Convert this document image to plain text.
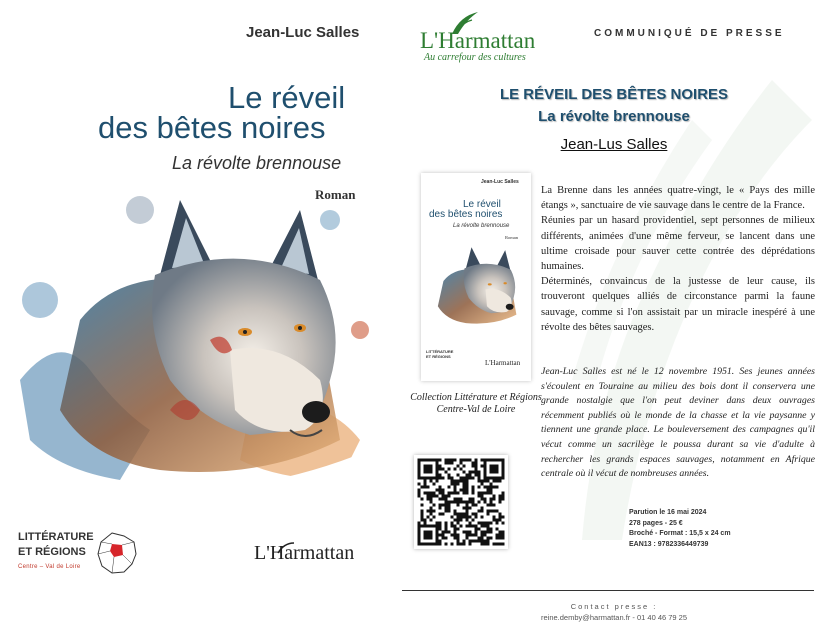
Jean-Luc Salles
Le réveil
des bêtes noires
La révolte brennouse
Roman
LITTÉRATURE
ET RÉGIONS
Centre – Val de Loire
L'Harmattan
L'Harmattan
Au carrefour des cultures
COMMUNIQUÉ DE PRESSE
LE RÉVEIL DES BÊTES NOIRES
La révolte brennouse
Jean-Lus Salles
Jean-Luc Salles
Le réveil
des bêtes noires
La révolte brennouse
Roman
LITTÉRATURE
ET RÉGIONS
L'Harmattan
Collection Littérature et Régions
Centre-Val de Loire

La Brenne dans les années quatre-vingt, le « Pays des mille étangs », sanctuaire de vie sauvage dans le centre de la France.

Réunies par un hasard providentiel, sept personnes de milieux différents, animées d'une même ferveur, se lancent dans une ultime croisade pour sauver cette contrée des déprédations humaines.

Déterminés, convaincus de la justesse de leur cause, ils trouveront quelques alliés de circonstance parmi la faune sauvage, comme si l'on assistait par un miracle inespéré à une révolte des bêtes sauvages.

Jean-Luc Salles est né le 12 novembre 1951. Ses jeunes années s'écoulent en Touraine au milieu des bois dont il conservera une grande nostalgie que l'on peut deviner dans deux ouvrages récemment publiés où le monde de la chasse et la vie paysanne y tiennent une grande place. Le bouleversement des campagnes qu'il vécut comme un sacrilège le poussa durant sa vie d'adulte à rechercher les grands espaces sauvages, notamment en Afrique centrale où il vécut de nombreuses années.
Parution le 16 mai 2024
278 pages - 25 €
Broché - Format : 15,5 x 24 cm
EAN13 : 9782336449739
Contact presse :
reine.demby@harmattan.fr - 01 40 46 79 25
